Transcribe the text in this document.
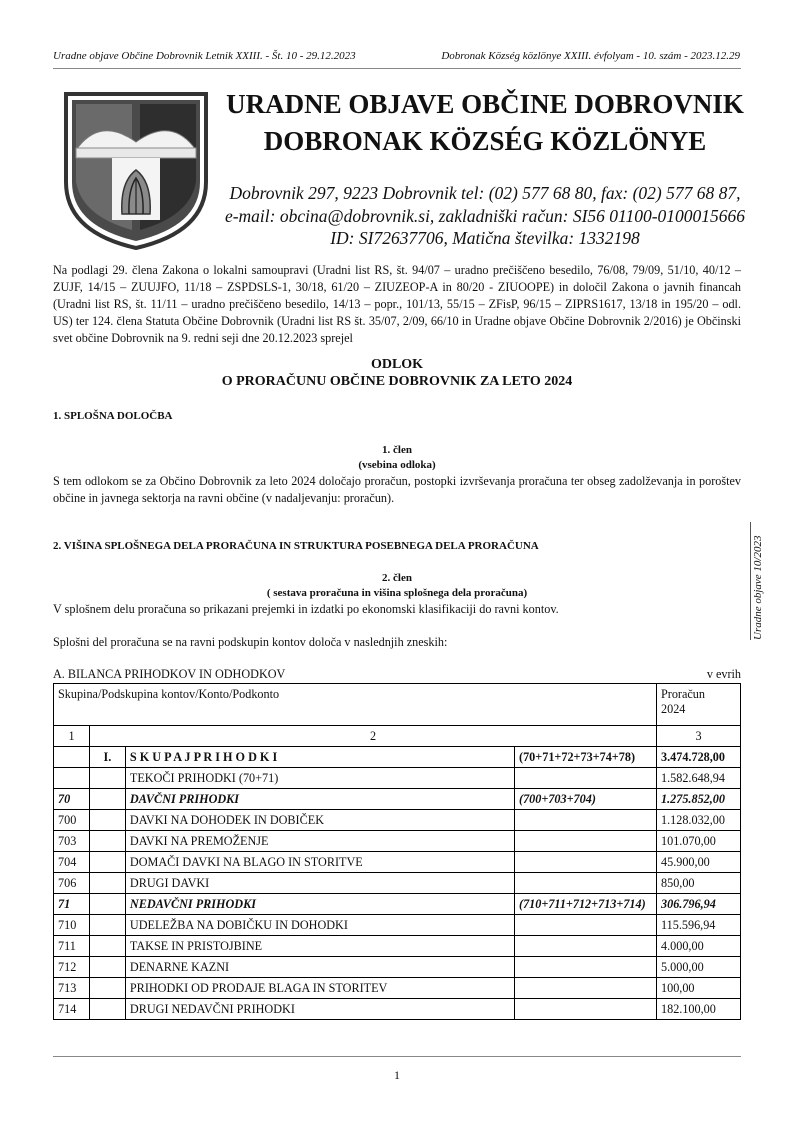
Uradne objave Občine Dobrovnik Letnik XXIII. - Št. 10 - 29.12.2023	Dobronak Község közlönye XXIII. évfolyam - 10. szám - 2023.12.29
URADNE OBJAVE OBČINE DOBROVNIK
DOBRONAK KÖZSÉG KÖZLÖNYE
Dobrovnik 297, 9223 Dobrovnik tel: (02) 577 68 80, fax: (02) 577 68 87,
e-mail: obcina@dobrovnik.si, zakladniški račun: SI56 01100-0100015666
ID: SI72637706, Matična številka: 1332198
Na podlagi 29. člena Zakona o lokalni samoupravi (Uradni list RS, št. 94/07 – uradno prečiščeno besedilo, 76/08, 79/09, 51/10, 40/12 – ZUJF, 14/15 – ZUUJFO, 11/18 – ZSPDSLS-1, 30/18, 61/20 – ZIUZEOP-A in 80/20 - ZIUOOPE) in določil Zakona o javnih financah (Uradni list RS, št. 11/11 – uradno prečiščeno besedilo, 14/13 – popr., 101/13, 55/15 – ZFisP, 96/15 – ZIPRS1617, 13/18 in 195/20 – odl. US) ter 124. člena Statuta Občine Dobrovnik (Uradni list RS št. 35/07, 2/09, 66/10 in Uradne objave Občine Dobrovnik 2/2016) je Občinski svet občine Dobrovnik na 9. redni seji dne 20.12.2023 sprejel
ODLOK
O PRORAČUNU OBČINE DOBROVNIK ZA LETO 2024
1. SPLOŠNA DOLOČBA
1. člen
(vsebina odloka)
S tem odlokom se za Občino Dobrovnik za leto 2024 določajo proračun, postopki izvrševanja proračuna ter obseg zadolževanja in poroštev občine in javnega sektorja na ravni občine (v nadaljevanju: proračun).
2. VIŠINA SPLOŠNEGA DELA PRORAČUNA IN STRUKTURA POSEBNEGA DELA PRORAČUNA
2. člen
( sestava proračuna in višina splošnega dela proračuna)
V splošnem delu proračuna so prikazani prejemki in izdatki po ekonomski klasifikaciji do ravni kontov.
Splošni del proračuna se na ravni podskupin kontov določa v naslednjih zneskih:
Uradne objave 10/2023
A. BILANCA PRIHODKOV IN ODHODKOV	v evrih
Skupina/Podskupina kontov/Konto/Podkonto				Proračun
2024

1	2			3
	I.	S K U P A J P R I H O D K I	(70+71+72+73+74+78)	3.474.728,00
		TEKOČI PRIHODKI (70+71)		1.582.648,94
70		DAVČNI PRIHODKI	(700+703+704)	1.275.852,00
700		DAVKI NA DOHODEK IN DOBIČEK		1.128.032,00
703		DAVKI NA PREMOŽENJE		101.070,00
704		DOMAČI DAVKI NA BLAGO IN STORITVE		45.900,00
706		DRUGI DAVKI		850,00
71		NEDAVČNI PRIHODKI	(710+711+712+713+714)	306.796,94
710		UDELEŽBA NA DOBIČKU IN DOHODKI		115.596,94
711		TAKSE IN PRISTOJBINE		4.000,00
712		DENARNE KAZNI		5.000,00
713		PRIHODKI OD PRODAJE BLAGA IN STORITEV		100,00
714		DRUGI NEDAVČNI PRIHODKI		182.100,00
1
